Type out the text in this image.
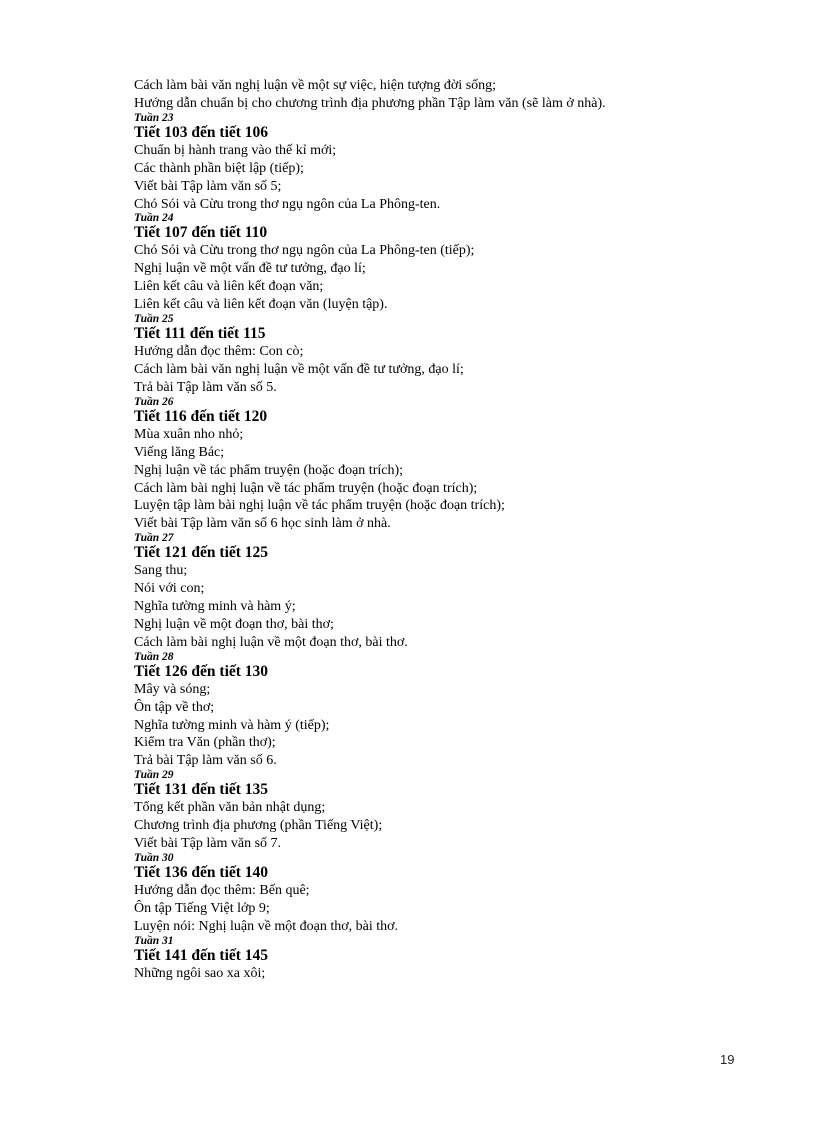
Cách làm bài văn nghị luận về một sự việc, hiện tượng đời sống;
Hướng dẫn chuẩn bị cho chương trình địa phương phần Tập làm văn (sẽ làm ở nhà).
Tuần 23
Tiết 103 đến tiết 106
Chuẩn bị hành trang vào thế kỉ mới;
Các thành phần biệt lập (tiếp);
Viết bài Tập làm văn số 5;
Chó Sói và Cừu trong thơ ngụ ngôn của La Phông-ten.
Tuần 24
Tiết 107 đến tiết 110
Chó Sói và Cừu trong thơ ngụ ngôn của La Phông-ten (tiếp);
Nghị luận về một vấn đề tư tưởng, đạo lí;
Liên kết câu và liên kết đoạn văn;
Liên kết câu và liên kết đoạn văn (luyện tập).
Tuần 25
Tiết 111 đến tiết 115
Hướng dẫn đọc thêm: Con cò;
Cách làm bài văn nghị luận về một vấn đề tư tưởng, đạo lí;
Trả bài Tập làm văn số 5.
Tuần 26
Tiết 116 đến tiết 120
Mùa xuân nho nhỏ;
Viếng lăng Bác;
Nghị luận về tác phẩm truyện (hoặc đoạn trích);
Cách làm bài nghị luận về tác phẩm truyện (hoặc đoạn trích);
Luyện tập làm bài nghị luận về tác phẩm truyện (hoặc đoạn trích);
Viết bài Tập làm văn số 6 học sinh làm ở nhà.
Tuần 27
Tiết 121 đến tiết 125
Sang thu;
Nói với con;
Nghĩa tường minh và hàm ý;
Nghị luận về một đoạn thơ, bài thơ;
Cách làm bài nghị luận về một đoạn thơ, bài thơ.
Tuần 28
Tiết 126 đến tiết 130
Mây và sóng;
Ôn tập về thơ;
Nghĩa tường minh và hàm ý (tiếp);
Kiểm tra Văn (phần thơ);
Trả bài Tập làm văn số 6.
Tuần 29
Tiết 131 đến tiết 135
Tổng kết phần văn bản nhật dụng;
Chương trình địa phương (phần Tiếng Việt);
Viết bài Tập làm văn số 7.
Tuần 30
Tiết 136 đến tiết 140
Hướng dẫn đọc thêm: Bến quê;
Ôn tập Tiếng Việt lớp 9;
Luyện nói: Nghị luận về một đoạn thơ, bài thơ.
Tuần 31
Tiết 141 đến tiết 145
Những ngôi sao xa xôi;
19
